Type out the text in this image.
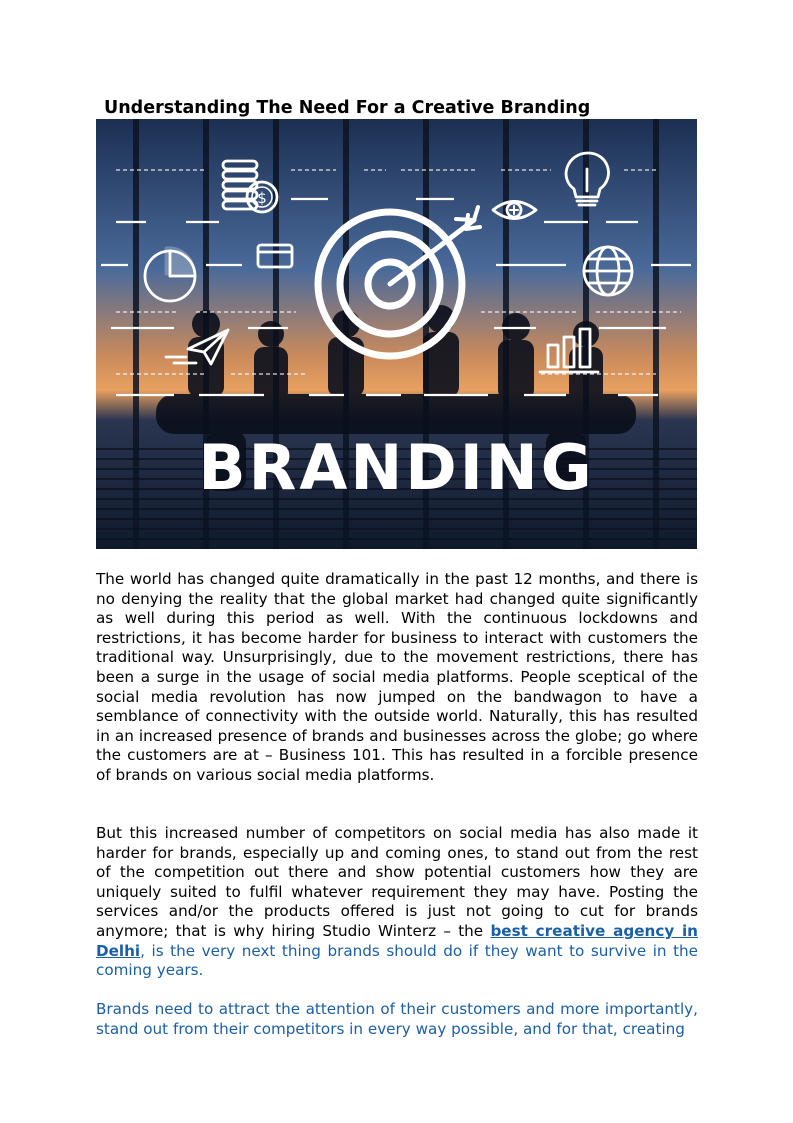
Understanding The Need For a Creative Branding
$
BRANDING

The world has changed quite dramatically in the past 12 months, and there is no denying the reality that the global market had changed quite significantly as well during this period as well. With the continuous lockdowns and restrictions, it has become harder for business to interact with customers the traditional way. Unsurprisingly, due to the movement restrictions, there has been a surge in the usage of social media platforms. People sceptical of the social media revolution has now jumped on the bandwagon to have a semblance of connectivity with the outside world. Naturally, this has resulted in an increased presence of brands and businesses across the globe; go where the customers are at – Business 101. This has resulted in a forcible presence of brands on various social media platforms.

But this increased number of competitors on social media has also made it harder for brands, especially up and coming ones, to stand out from the rest of the competition out there and show potential customers how they are uniquely suited to fulfil whatever requirement they may have. Posting the services and/or the products offered is just not going to cut for brands anymore; that is why hiring Studio Winterz – the best creative agency in Delhi, is the very next thing brands should do if they want to survive in the coming years.

Brands need to attract the attention of their customers and more importantly, stand out from their competitors in every way possible, and for that, creating
